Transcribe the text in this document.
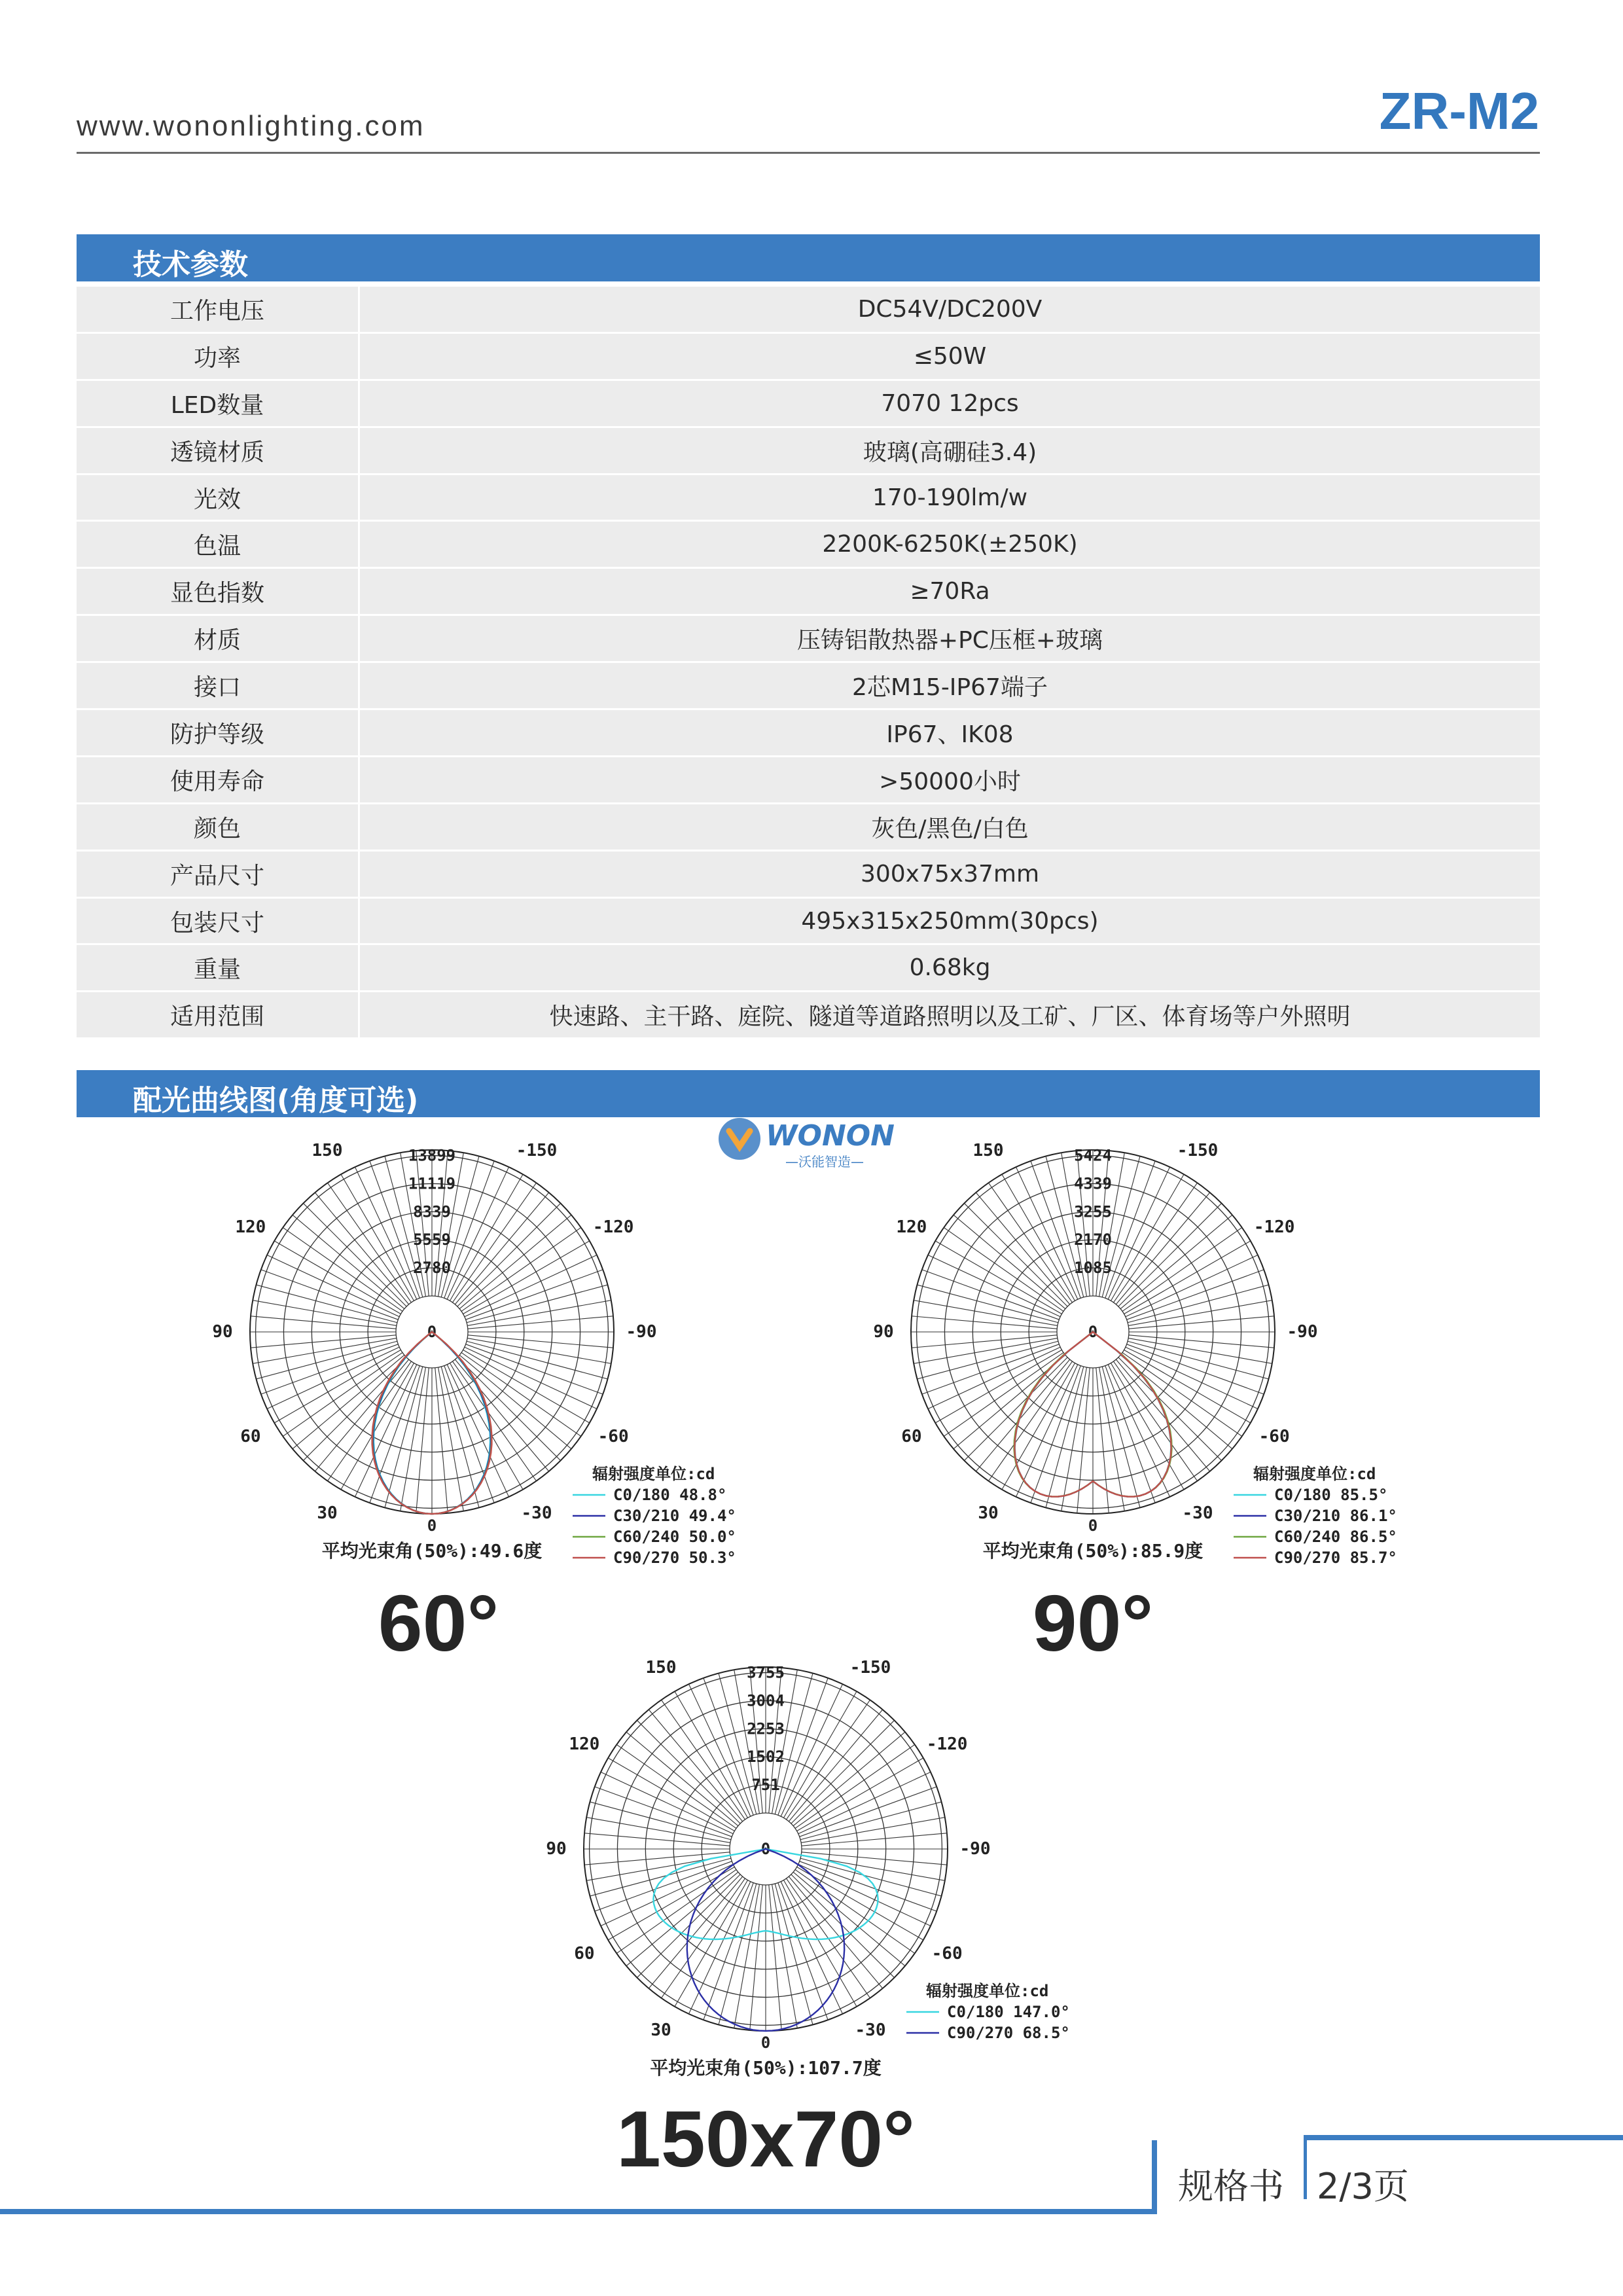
www.wononlighting.com	ZR-M2
技术参数
工作电压	DC54V/DC200V
功率	≤50W
LED数量	7070 12pcs
透镜材质	玻璃(高硼硅3.4)
光效	170-190lm/w
色温	2200K-6250K(±250K)
显色指数	≥70Ra
材质	压铸铝散热器+PC压框+玻璃
接口	2芯M15-IP67端子
防护等级	IP67、IK08
使用寿命	>50000小时
颜色	灰色/黑色/白色
产品尺寸	300x75x37mm
包装尺寸	495x315x250mm(30pcs)
重量	0.68kg
适用范围	快速路、主干路、庭院、隧道等道路照明以及工矿、厂区、体育场等户外照明
配光曲线图(角度可选)
WONON
—沃能智造—
2780
5559
8339
11119
13899
0
-150
150
-120
120
-90
90
-60
60
-30
30
0
辐射强度单位:cd
C0/180 48.8°
C30/210 49.4°
C60/240 50.0°
C90/270 50.3°
平均光束角(50%):49.6度
60°
1085
2170
3255
4339
5424
0
-150
150
-120
120
-90
90
-60
60
-30
30
0
辐射强度单位:cd
C0/180 85.5°
C30/210 86.1°
C60/240 86.5°
C90/270 85.7°
平均光束角(50%):85.9度
90°
751
1502
2253
3004
3755
0
-150
150
-120
120
-90
90
-60
60
-30
30
0
辐射强度单位:cd
C0/180 147.0°
C90/270 68.5°
平均光束角(50%):107.7度
150x70°
规格书 2/3页
